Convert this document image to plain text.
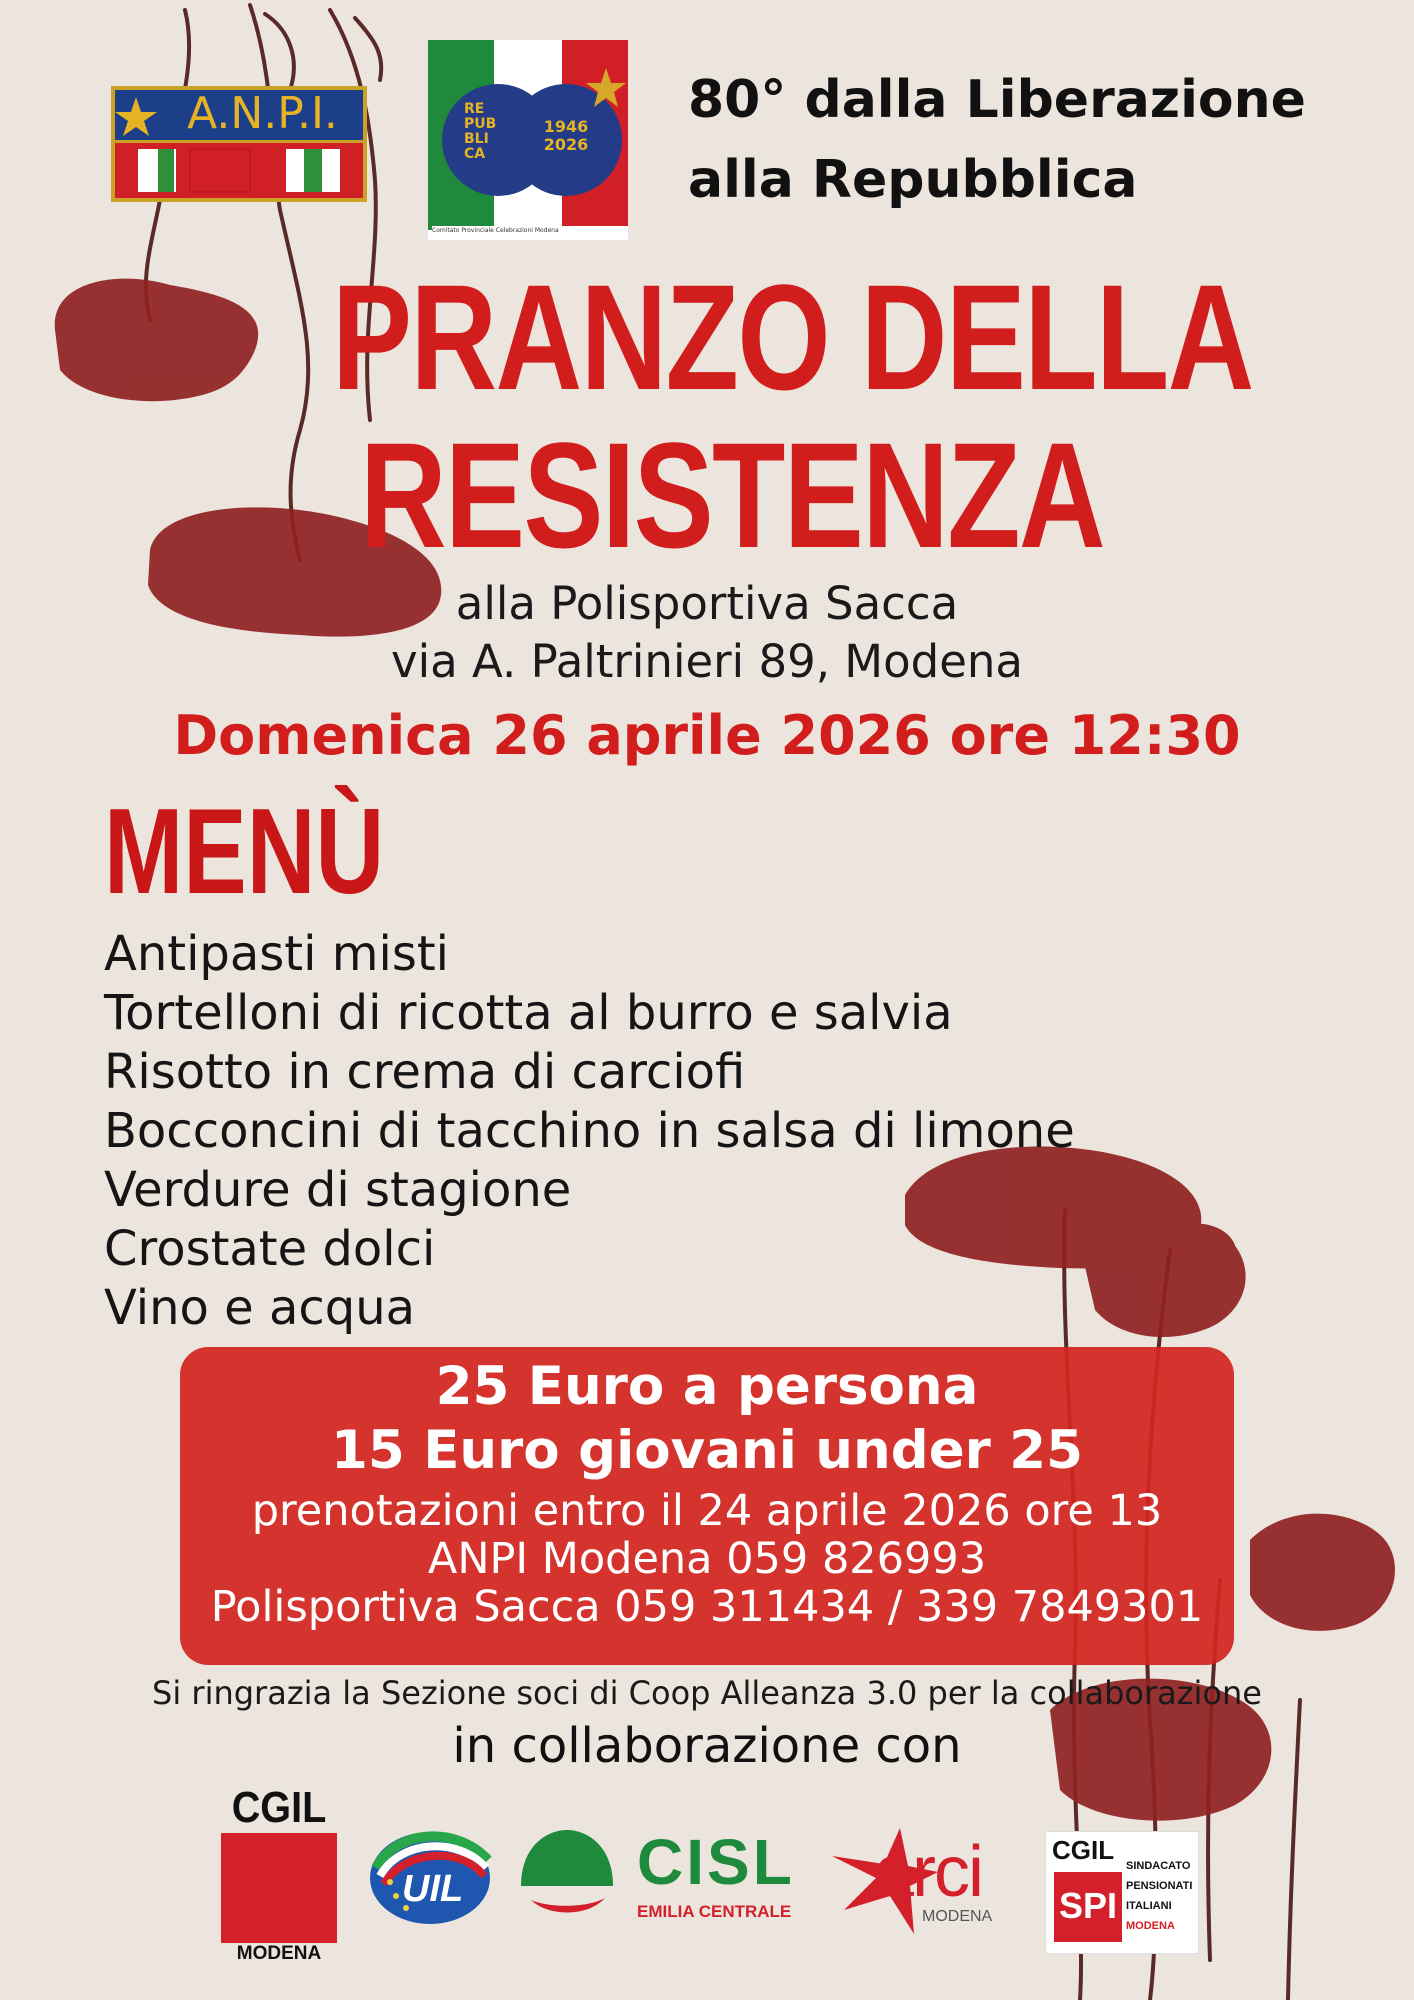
A.N.P.I.	RE
PUB
BLI
CA
1946
2026
Comitato Provinciale Celebrazioni Modena
80° dalla Liberazione
alla Repubblica
PRANZO DELLA
RESISTENZA
alla Polisportiva Sacca
via A. Paltrinieri 89, Modena
Domenica 26 aprile 2026 ore 12:30
MENÙ
Antipasti misti
Tortelloni di ricotta al burro e salvia
Risotto in crema di carciofi
Bocconcini di tacchino in salsa di limone
Verdure di stagione
Crostate dolci
Vino e acqua
25 Euro a persona
15 Euro giovani under 25
prenotazioni entro il 24 aprile 2026 ore 13
ANPI Modena 059 826993
Polisportiva Sacca 059 311434 / 339 7849301
Si ringrazia la Sezione soci di Coop Alleanza 3.0 per la collaborazione
in collaborazione con
CGIL
MODENA
UIL	CISL
EMILIA CENTRALE arci
MODENA
CGIL
SPI
SINDACATO
PENSIONATI
ITALIANI
MODENA
